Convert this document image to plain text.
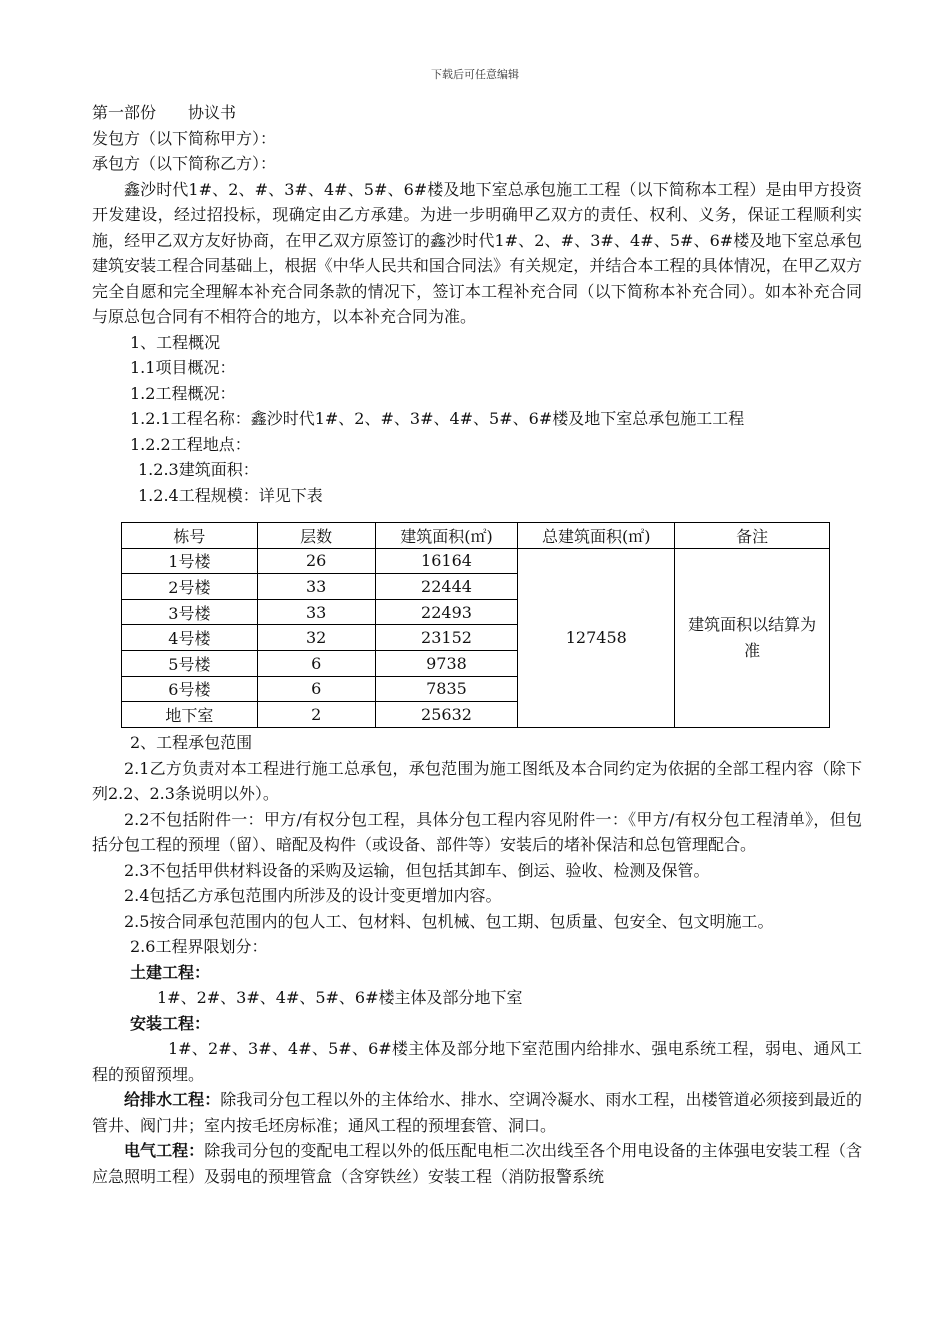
下载后可任意编辑
第一部份　　协议书
发包方（以下简称甲方）：
承包方（以下简称乙方）：
鑫沙时代1#、2、#、3#、4#、5#、6#楼及地下室总承包施工工程（以下简称本工程）是由甲方投资开发建设，经过招投标，现确定由乙方承建。为进一步明确甲乙双方的责任、权利、义务，保证工程顺利实施，经甲乙双方友好协商，在甲乙双方原签订的鑫沙时代1#、2、#、3#、4#、5#、6#楼及地下室总承包建筑安装工程合同基础上，根据《中华人民共和国合同法》有关规定，并结合本工程的具体情况，在甲乙双方完全自愿和完全理解本补充合同条款的情况下，签订本工程补充合同（以下简称本补充合同）。如本补充合同与原总包合同有不相符合的地方，以本补充合同为准。
1、工程概况
1.1项目概况：
1.2工程概况：
1.2.1工程名称：鑫沙时代1#、2、#、3#、4#、5#、6#楼及地下室总承包施工工程
1.2.2工程地点：
1.2.3建筑面积：
1.2.4工程规模：详见下表
栋号	层数	建筑面积(㎡)	总建筑面积(㎡)	备注
1号楼	26	16164	127458	建筑面积以结算为准
2号楼	33	22444		
3号楼	33	22493		
4号楼	32	23152		
5号楼	6	9738		
6号楼	6	7835		
地下室	2	25632		
2、工程承包范围
2.1乙方负责对本工程进行施工总承包，承包范围为施工图纸及本合同约定为依据的全部工程内容（除下列2.2、2.3条说明以外）。
2.2不包括附件一：甲方/有权分包工程，具体分包工程内容见附件一：《甲方/有权分包工程清单》，但包括分包工程的预埋（留）、暗配及构件（或设备、部件等）安装后的堵补保洁和总包管理配合。
2.3不包括甲供材料设备的采购及运输，但包括其卸车、倒运、验收、检测及保管。
2.4包括乙方承包范围内所涉及的设计变更增加内容。
2.5按合同承包范围内的包人工、包材料、包机械、包工期、包质量、包安全、包文明施工。
2.6工程界限划分：
土建工程：
1#、2#、3#、4#、5#、6#楼主体及部分地下室
安装工程：
1#、2#、3#、4#、5#、6#楼主体及部分地下室范围内给排水、强电系统工程，弱电、通风工程的预留预埋。
给排水工程：除我司分包工程以外的主体给水、排水、空调冷凝水、雨水工程，出楼管道必须接到最近的管井、阀门井；室内按毛坯房标准；通风工程的预埋套管、洞口。
电气工程：除我司分包的变配电工程以外的低压配电柜二次出线至各个用电设备的主体强电安装工程（含应急照明工程）及弱电的预埋管盒（含穿铁丝）安装工程（消防报警系统
